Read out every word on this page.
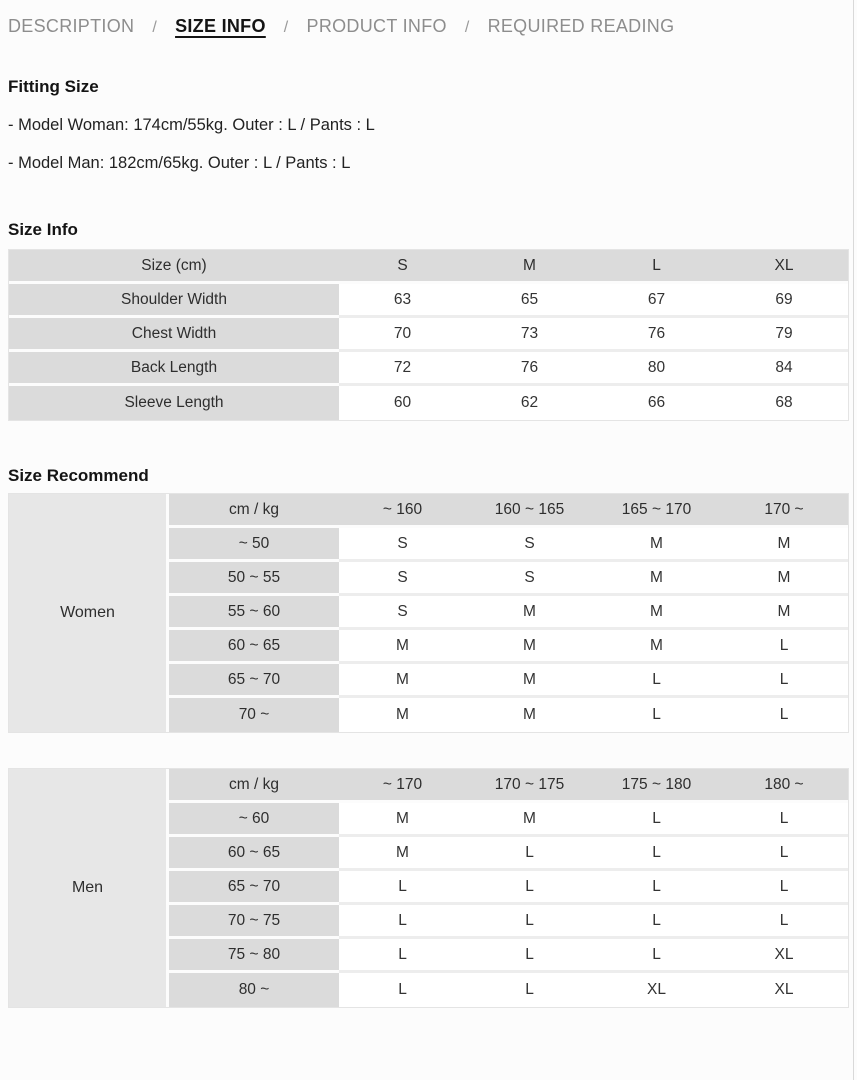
DESCRIPTION / SIZE INFO / PRODUCT INFO / REQUIRED READING
Fitting Size

- Model Woman: 174cm/55kg. Outer : L / Pants : L

- Model Man: 182cm/65kg. Outer : L / Pants : L

Size Info
Size (cm)	S	M	L	XL
Shoulder Width	63	65	67	69
Chest Width	70	73	76	79
Back Length	72	76	80	84
Sleeve Length	60	62	66	68
Size Recommend
Women	cm / kg	~ 160	160 ~ 165	165 ~ 170	170 ~
	~ 50	S	S	M	M
	50 ~ 55	S	S	M	M
	55 ~ 60	S	M	M	M
	60 ~ 65	M	M	M	L
	65 ~ 70	M	M	L	L
	70 ~	M	M	L	L
Men	cm / kg	~ 170	170 ~ 175	175 ~ 180	180 ~
	~ 60	M	M	L	L
	60 ~ 65	M	L	L	L
	65 ~ 70	L	L	L	L
	70 ~ 75	L	L	L	L
	75 ~ 80	L	L	L	XL
	80 ~	L	L	XL	XL
